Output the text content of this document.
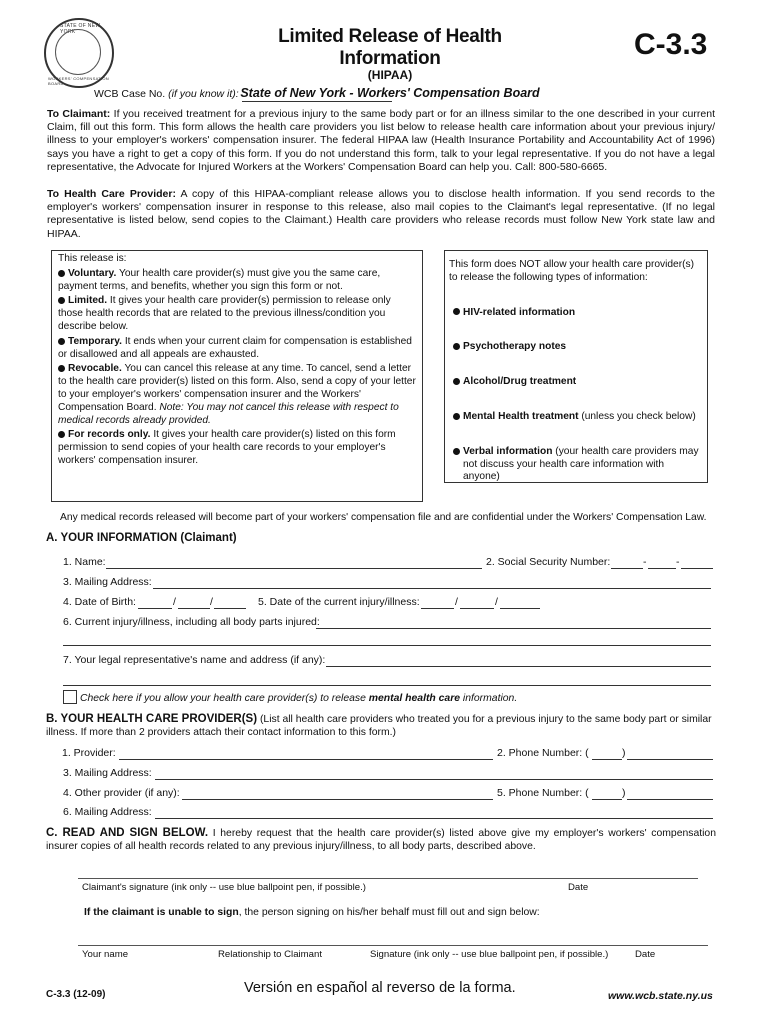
STATE OF NEW YORK
WORKERS' COMPENSATION BOARD
Limited Release of Health Information
(HIPAA)
State of New York - Workers' Compensation Board
C-3.3
WCB Case No. (if you know it):
To Claimant: If you received treatment for a previous injury to the same body part or for an illness similar to the one described in your current Claim, fill out this form. This form allows the health care providers you list below to release health care information about your previous injury/ illness to your employer's workers' compensation insurer. The federal HIPAA law (Health Insurance Portability and Accountability Act of 1996) says you have a right to get a copy of this form. If you do not understand this form, talk to your legal representative. If you do not have a legal representative, the Advocate for Injured Workers at the Workers' Compensation Board can help you. Call: 800-580-6665.
To Health Care Provider: A copy of this HIPAA-compliant release allows you to disclose health information. If you send records to the employer's workers' compensation insurer in response to this release, also mail copies to the Claimant's legal representative. (If no legal representative is listed below, send copies to the Claimant.) Health care providers who release records must follow New York state law and HIPAA.
This release is:
Voluntary. Your health care provider(s) must give you the same care, payment terms, and benefits, whether you sign this form or not.
Limited. It gives your health care provider(s) permission to release only those health records that are related to the previous illness/condition you describe below.
Temporary. It ends when your current claim for compensation is established or disallowed and all appeals are exhausted.
Revocable. You can cancel this release at any time. To cancel, send a letter to the health care provider(s) listed on this form. Also, send a copy of your letter to your employer's workers' compensation insurer and the Workers' Compensation Board. Note: You may not cancel this release with respect to medical records already provided.
For records only. It gives your health care provider(s) listed on this form permission to send copies of your health care records to your employer's workers' compensation insurer.
This form does NOT allow your health care provider(s) to release the following types of information:
HIV-related information
Psychotherapy notes
Alcohol/Drug treatment
Mental Health treatment (unless you check below)
Verbal information (your health care providers may not discuss your health care information with anyone)
Any medical records released will become part of your workers' compensation file and are confidential under the Workers' Compensation Law.
A. YOUR INFORMATION (Claimant)
1. Name:	2. Social Security Number:	-	-
3. Mailing Address:
4. Date of Birth:	/	/	5. Date of the current injury/illness:	/	/
6. Current injury/illness, including all body parts injured:
7. Your legal representative's name and address (if any):
Check here if you allow your health care provider(s) to release mental health care information.
B. YOUR HEALTH CARE PROVIDER(S) (List all health care providers who treated you for a previous injury to the same body part or similar illness. If more than 2 providers attach their contact information to this form.)
1. Provider:	2. Phone Number: (	)
3. Mailing Address:
4. Other provider (if any):	5. Phone Number: (	)
6. Mailing Address:
C. READ AND SIGN BELOW. I hereby request that the health care provider(s) listed above give my employer's workers' compensation insurer copies of all health records related to any previous injury/illness, to all body parts, described above.
Claimant's signature (ink only -- use blue ballpoint pen, if possible.)	Date
If the claimant is unable to sign, the person signing on his/her behalf must fill out and sign below:
Your name	Relationship to Claimant	Signature (ink only -- use blue ballpoint pen, if possible.)	Date
C-3.3 (12-09)	Versión en español al reverso de la forma.	www.wcb.state.ny.us
